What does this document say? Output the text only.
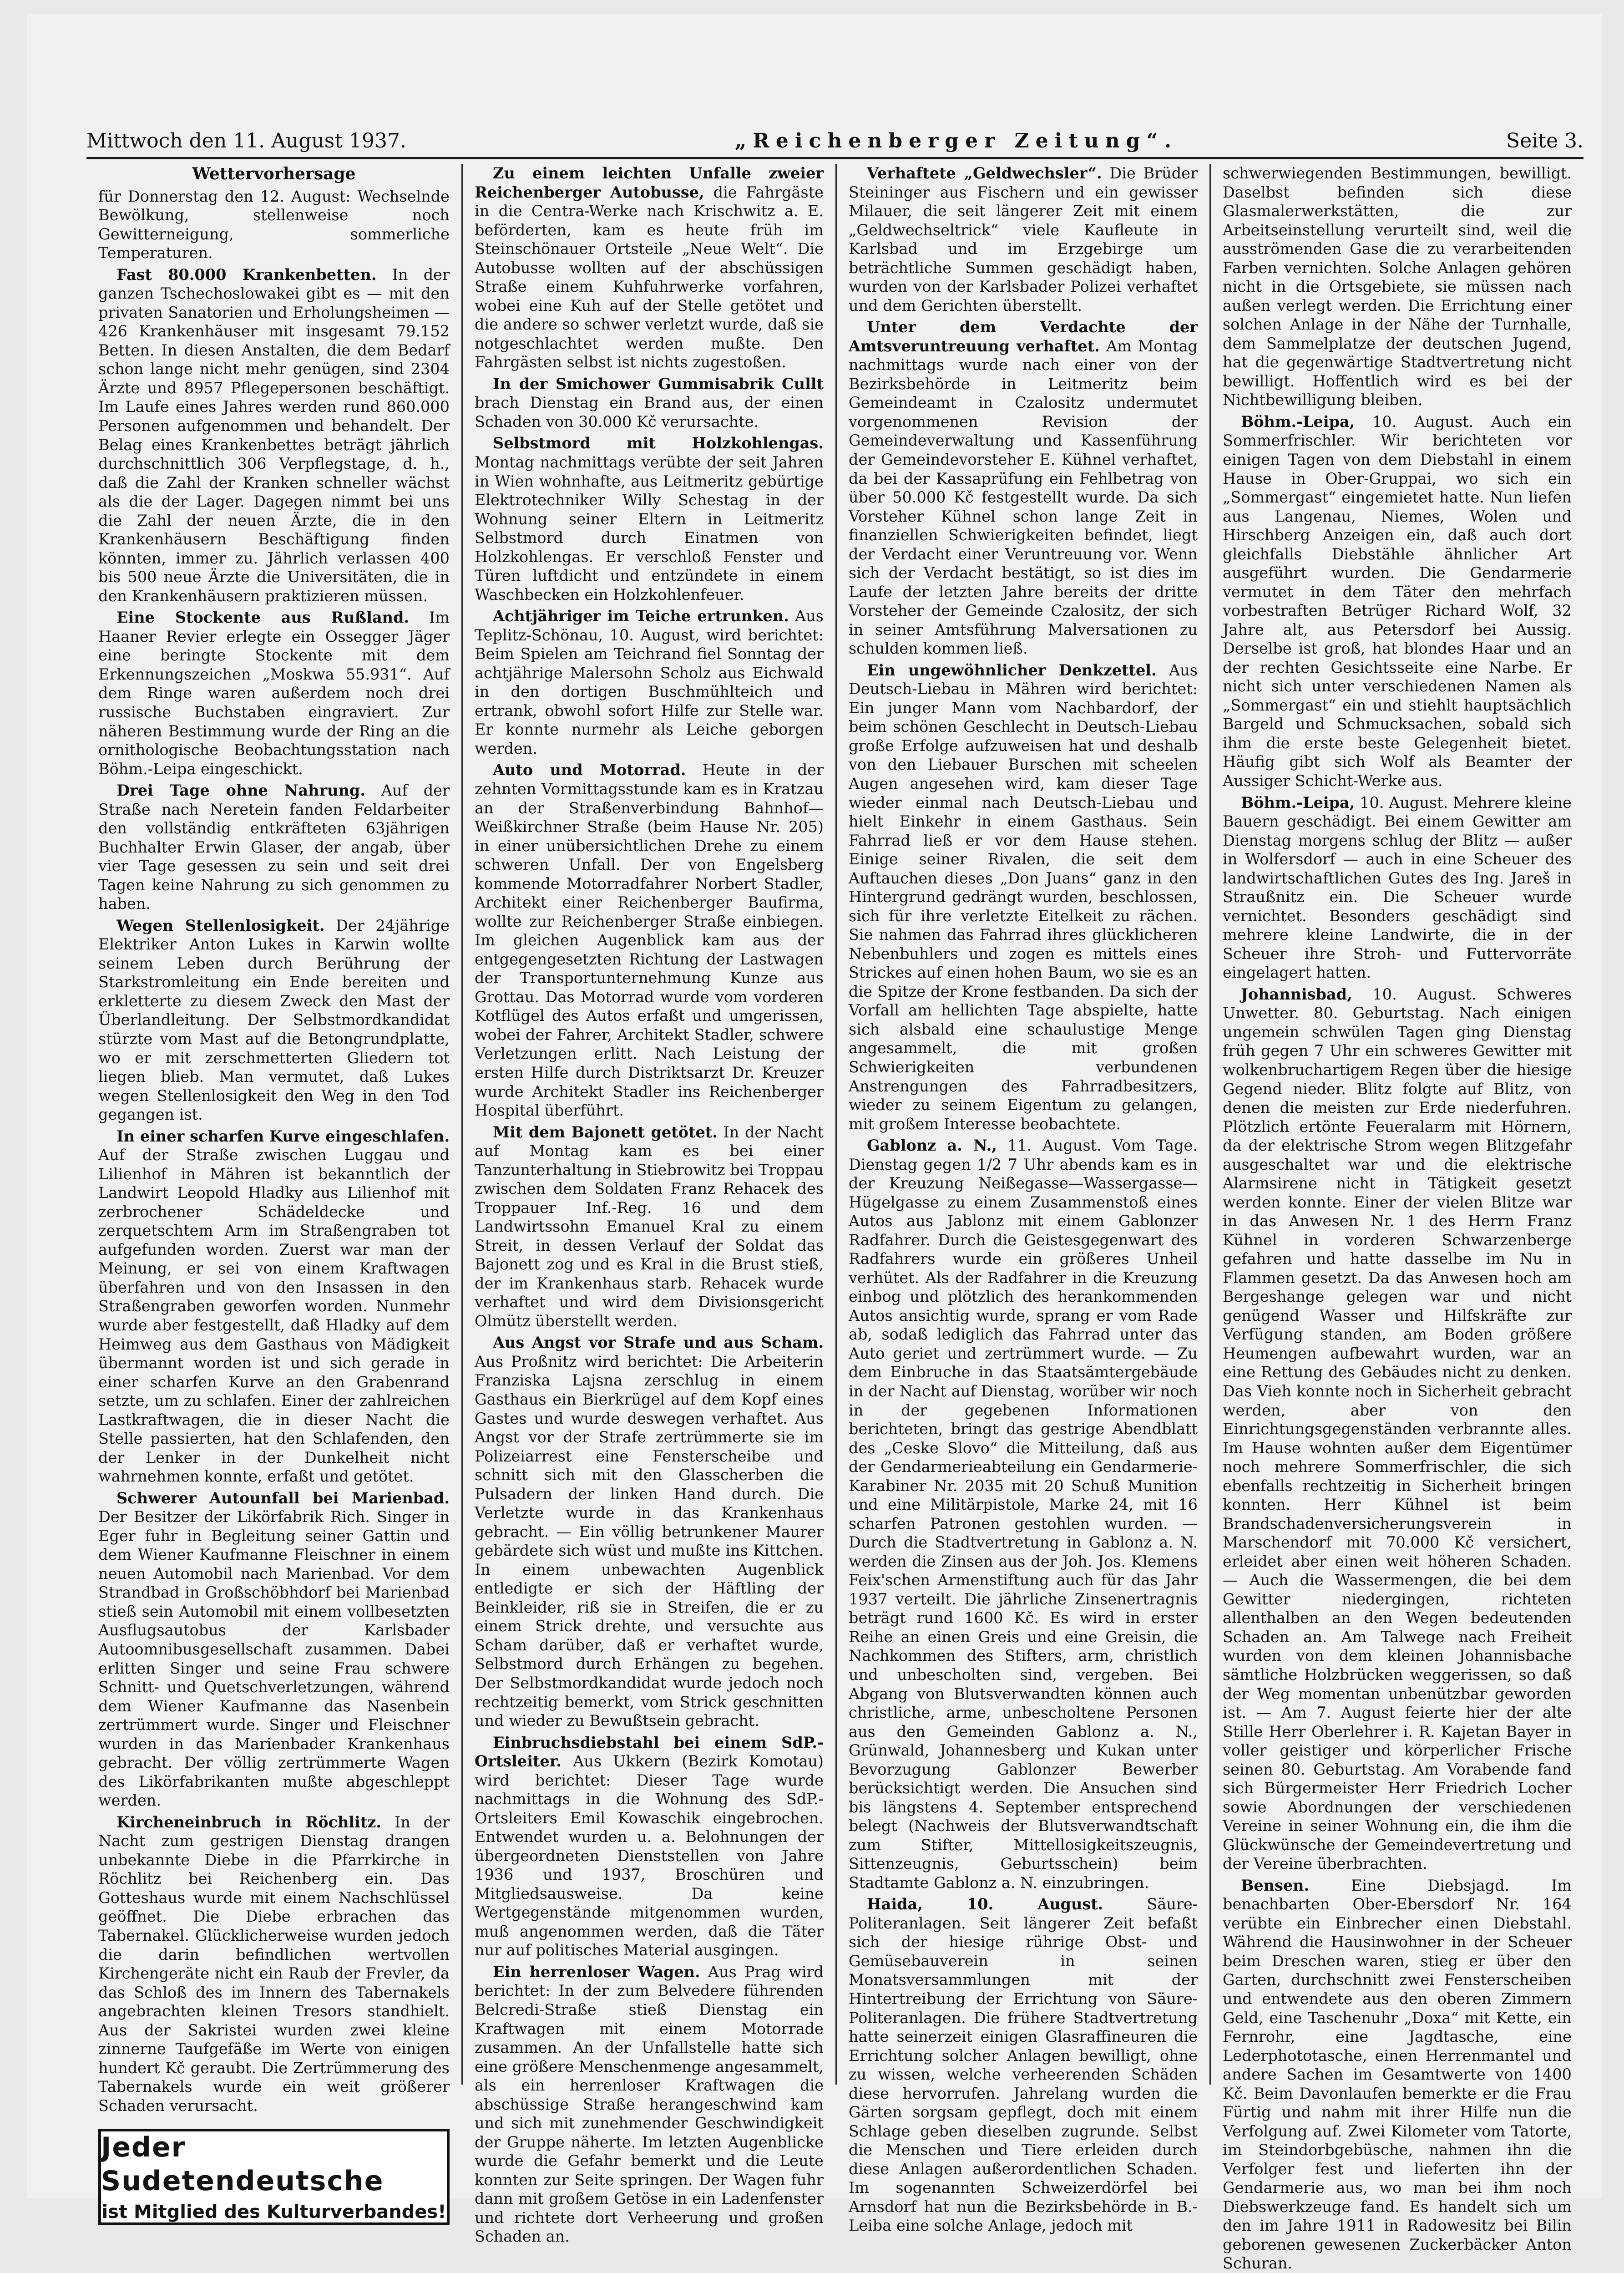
Mittwoch den 11. August 1937.	„Reichenberger Zeitung“.	Seite 3.

Wettervorhersage

für Donnerstag den 12. August: Wechselnde Bewölkung, stellenweise noch Gewitterneigung, sommerliche Temperaturen.

Fast 80.000 Krankenbetten. In der ganzen Tschechoslowakei gibt es — mit den privaten Sanatorien und Erholungsheimen — 426 Krankenhäuser mit insgesamt 79.152 Betten. In diesen Anstalten, die dem Bedarf schon lange nicht mehr genügen, sind 2304 Ärzte und 8957 Pflegepersonen beschäftigt. Im Laufe eines Jahres werden rund 860.000 Personen aufgenommen und behandelt. Der Belag eines Krankenbettes beträgt jährlich durchschnittlich 306 Verpflegstage, d. h., daß die Zahl der Kranken schneller wächst als die der Lager. Dagegen nimmt bei uns die Zahl der neuen Ärzte, die in den Krankenhäusern Beschäftigung finden könnten, immer zu. Jährlich verlassen 400 bis 500 neue Ärzte die Universitäten, die in den Krankenhäusern praktizieren müssen.

Eine Stockente aus Rußland. Im Haaner Revier erlegte ein Ossegger Jäger eine beringte Stockente mit dem Erkennungszeichen „Moskwa 55.931“. Auf dem Ringe waren außerdem noch drei russische Buchstaben eingraviert. Zur näheren Bestimmung wurde der Ring an die ornithologische Beobachtungsstation nach Böhm.-Leipa eingeschickt.

Drei Tage ohne Nahrung. Auf der Straße nach Neretein fanden Feldarbeiter den vollständig entkräfteten 63jährigen Buchhalter Erwin Glaser, der angab, über vier Tage gesessen zu sein und seit drei Tagen keine Nahrung zu sich genommen zu haben.

Wegen Stellenlosigkeit. Der 24jährige Elektriker Anton Lukes in Karwin wollte seinem Leben durch Berührung der Starkstromleitung ein Ende bereiten und erkletterte zu diesem Zweck den Mast der Überlandleitung. Der Selbstmordkandidat stürzte vom Mast auf die Betongrundplatte, wo er mit zerschmetterten Gliedern tot liegen blieb. Man vermutet, daß Lukes wegen Stellenlosigkeit den Weg in den Tod gegangen ist.

In einer scharfen Kurve eingeschlafen. Auf der Straße zwischen Luggau und Lilienhof in Mähren ist bekanntlich der Landwirt Leopold Hladky aus Lilienhof mit zerbrochener Schädeldecke und zerquetschtem Arm im Straßengraben tot aufgefunden worden. Zuerst war man der Meinung, er sei von einem Kraftwagen überfahren und von den Insassen in den Straßengraben geworfen worden. Nunmehr wurde aber festgestellt, daß Hladky auf dem Heimweg aus dem Gasthaus von Mädigkeit übermannt worden ist und sich gerade in einer scharfen Kurve an den Grabenrand setzte, um zu schlafen. Einer der zahlreichen Lastkraftwagen, die in dieser Nacht die Stelle passierten, hat den Schlafenden, den der Lenker in der Dunkelheit nicht wahrnehmen konnte, erfaßt und getötet.

Schwerer Autounfall bei Marienbad. Der Besitzer der Likörfabrik Rich. Singer in Eger fuhr in Begleitung seiner Gattin und dem Wiener Kaufmanne Fleischner in einem neuen Automobil nach Marienbad. Vor dem Strandbad in Großschöbhdorf bei Marienbad stieß sein Automobil mit einem vollbesetzten Ausflugsautobus der Karlsbader Autoomnibusgesellschaft zusammen. Dabei erlitten Singer und seine Frau schwere Schnitt- und Quetschverletzungen, während dem Wiener Kaufmanne das Nasenbein zertrümmert wurde. Singer und Fleischner wurden in das Marienbader Krankenhaus gebracht. Der völlig zertrümmerte Wagen des Likörfabrikanten mußte abgeschleppt werden.

Kircheneinbruch in Röchlitz. In der Nacht zum gestrigen Dienstag drangen unbekannte Diebe in die Pfarrkirche in Röchlitz bei Reichenberg ein. Das Gotteshaus wurde mit einem Nachschlüssel geöffnet. Die Diebe erbrachen das Tabernakel. Glücklicherweise wurden jedoch die darin befindlichen wertvollen Kirchengeräte nicht ein Raub der Frevler, da das Schloß des im Innern des Tabernakels angebrachten kleinen Tresors standhielt. Aus der Sakristei wurden zwei kleine zinnerne Taufgefäße im Werte von einigen hundert Kč geraubt. Die Zertrümmerung des Tabernakels wurde ein weit größerer Schaden verursacht.

Jeder Sudetendeutsche
ist Mitglied des Kulturverbandes!

Zu einem leichten Unfalle zweier Reichenberger Autobusse, die Fahrgäste in die Centra-Werke nach Krischwitz a. E. beförderten, kam es heute früh im Steinschönauer Ortsteile „Neue Welt“. Die Autobusse wollten auf der abschüssigen Straße einem Kuhfuhrwerke vorfahren, wobei eine Kuh auf der Stelle getötet und die andere so schwer verletzt wurde, daß sie notgeschlachtet werden mußte. Den Fahrgästen selbst ist nichts zugestoßen.

In der Smichower Gummisabrik Cullt brach Dienstag ein Brand aus, der einen Schaden von 30.000 Kč verursachte.

Selbstmord mit Holzkohlengas. Montag nachmittags verübte der seit Jahren in Wien wohnhafte, aus Leitmeritz gebürtige Elektrotechniker Willy Schestag in der Wohnung seiner Eltern in Leitmeritz Selbstmord durch Einatmen von Holzkohlengas. Er verschloß Fenster und Türen luftdicht und entzündete in einem Waschbecken ein Holzkohlenfeuer.

Achtjähriger im Teiche ertrunken. Aus Teplitz-Schönau, 10. August, wird berichtet: Beim Spielen am Teichrand fiel Sonntag der achtjährige Malersohn Scholz aus Eichwald in den dortigen Buschmühlteich und ertrank, obwohl sofort Hilfe zur Stelle war. Er konnte nurmehr als Leiche geborgen werden.

Auto und Motorrad. Heute in der zehnten Vormittagsstunde kam es in Kratzau an der Straßenverbindung Bahnhof—Weißkirchner Straße (beim Hause Nr. 205) in einer unübersichtlichen Drehe zu einem schweren Unfall. Der von Engelsberg kommende Motorradfahrer Norbert Stadler, Architekt einer Reichenberger Baufirma, wollte zur Reichenberger Straße einbiegen. Im gleichen Augenblick kam aus der entgegengesetzten Richtung der Lastwagen der Transportunternehmung Kunze aus Grottau. Das Motorrad wurde vom vorderen Kotflügel des Autos erfaßt und umgerissen, wobei der Fahrer, Architekt Stadler, schwere Verletzungen erlitt. Nach Leistung der ersten Hilfe durch Distriktsarzt Dr. Kreuzer wurde Architekt Stadler ins Reichenberger Hospital überführt.

Mit dem Bajonett getötet. In der Nacht auf Montag kam es bei einer Tanzunterhaltung in Stiebrowitz bei Troppau zwischen dem Soldaten Franz Rehacek des Troppauer Inf.-Reg. 16 und dem Landwirtssohn Emanuel Kral zu einem Streit, in dessen Verlauf der Soldat das Bajonett zog und es Kral in die Brust stieß, der im Krankenhaus starb. Rehacek wurde verhaftet und wird dem Divisionsgericht Olmütz überstellt werden.

Aus Angst vor Strafe und aus Scham. Aus Proßnitz wird berichtet: Die Arbeiterin Franziska Lajsna zerschlug in einem Gasthaus ein Bierkrügel auf dem Kopf eines Gastes und wurde deswegen verhaftet. Aus Angst vor der Strafe zertrümmerte sie im Polizeiarrest eine Fensterscheibe und schnitt sich mit den Glasscherben die Pulsadern der linken Hand durch. Die Verletzte wurde in das Krankenhaus gebracht. — Ein völlig betrunkener Maurer gebärdete sich wüst und mußte ins Kittchen. In einem unbewachten Augenblick entledigte er sich der Häftling der Beinkleider, riß sie in Streifen, die er zu einem Strick drehte, und versuchte aus Scham darüber, daß er verhaftet wurde, Selbstmord durch Erhängen zu begehen. Der Selbstmordkandidat wurde jedoch noch rechtzeitig bemerkt, vom Strick geschnitten und wieder zu Bewußtsein gebracht.

Einbruchsdiebstahl bei einem SdP.-Ortsleiter. Aus Ukkern (Bezirk Komotau) wird berichtet: Dieser Tage wurde nachmittags in die Wohnung des SdP.-Ortsleiters Emil Kowaschik eingebrochen. Entwendet wurden u. a. Belohnungen der übergeordneten Dienststellen von Jahre 1936 und 1937, Broschüren und Mitgliedsausweise. Da keine Wertgegenstände mitgenommen wurden, muß angenommen werden, daß die Täter nur auf politisches Material ausgingen.

Ein herrenloser Wagen. Aus Prag wird berichtet: In der zum Belvedere führenden Belcredi-Straße stieß Dienstag ein Kraftwagen mit einem Motorrade zusammen. An der Unfallstelle hatte sich eine größere Menschenmenge angesammelt, als ein herrenloser Kraftwagen die abschüssige Straße herangeschwind kam und sich mit zunehmender Geschwindigkeit der Gruppe näherte. Im letzten Augenblicke wurde die Gefahr bemerkt und die Leute konnten zur Seite springen. Der Wagen fuhr dann mit großem Getöse in ein Ladenfenster und richtete dort Verheerung und großen Schaden an.

Verhaftete „Geldwechsler“. Die Brüder Steininger aus Fischern und ein gewisser Milauer, die seit längerer Zeit mit einem „Geldwechseltrick“ viele Kaufleute in Karlsbad und im Erzgebirge um beträchtliche Summen geschädigt haben, wurden von der Karlsbader Polizei verhaftet und dem Gerichten überstellt.

Unter dem Verdachte der Amtsveruntreuung verhaftet. Am Montag nachmittags wurde nach einer von der Bezirksbehörde in Leitmeritz beim Gemeindeamt in Czalositz undermutet vorgenommenen Revision der Gemeindeverwaltung und Kassenführung der Gemeindevorsteher E. Kühnel verhaftet, da bei der Kassaprüfung ein Fehlbetrag von über 50.000 Kč festgestellt wurde. Da sich Vorsteher Kühnel schon lange Zeit in finanziellen Schwierigkeiten befindet, liegt der Verdacht einer Veruntreuung vor. Wenn sich der Verdacht bestätigt, so ist dies im Laufe der letzten Jahre bereits der dritte Vorsteher der Gemeinde Czalositz, der sich in seiner Amtsführung Malversationen zu schulden kommen ließ.

Ein ungewöhnlicher Denkzettel. Aus Deutsch-Liebau in Mähren wird berichtet: Ein junger Mann vom Nachbardorf, der beim schönen Geschlecht in Deutsch-Liebau große Erfolge aufzuweisen hat und deshalb von den Liebauer Burschen mit scheelen Augen angesehen wird, kam dieser Tage wieder einmal nach Deutsch-Liebau und hielt Einkehr in einem Gasthaus. Sein Fahrrad ließ er vor dem Hause stehen. Einige seiner Rivalen, die seit dem Auftauchen dieses „Don Juans“ ganz in den Hintergrund gedrängt wurden, beschlossen, sich für ihre verletzte Eitelkeit zu rächen. Sie nahmen das Fahrrad ihres glücklicheren Nebenbuhlers und zogen es mittels eines Strickes auf einen hohen Baum, wo sie es an die Spitze der Krone festbanden. Da sich der Vorfall am hellichten Tage abspielte, hatte sich alsbald eine schaulustige Menge angesammelt, die mit großen Schwierigkeiten verbundenen Anstrengungen des Fahrradbesitzers, wieder zu seinem Eigentum zu gelangen, mit großem Interesse beobachtete.

Gablonz a. N., 11. August. Vom Tage. Dienstag gegen 1/2 7 Uhr abends kam es in der Kreuzung Neißegasse—Wassergasse—Hügelgasse zu einem Zusammenstoß eines Autos aus Jablonz mit einem Gablonzer Radfahrer. Durch die Geistesgegenwart des Radfahrers wurde ein größeres Unheil verhütet. Als der Radfahrer in die Kreuzung einbog und plötzlich des herankommenden Autos ansichtig wurde, sprang er vom Rade ab, sodaß lediglich das Fahrrad unter das Auto geriet und zertrümmert wurde. — Zu dem Einbruche in das Staatsämtergebäude in der Nacht auf Dienstag, worüber wir noch in der gegebenen Informationen berichteten, bringt das gestrige Abendblatt des „Ceske Slovo“ die Mitteilung, daß aus der Gendarmerieabteilung ein Gendarmerie-Karabiner Nr. 2035 mit 20 Schuß Munition und eine Militärpistole, Marke 24, mit 16 scharfen Patronen gestohlen wurden. — Durch die Stadtvertretung in Gablonz a. N. werden die Zinsen aus der Joh. Jos. Klemens Feix'schen Armenstiftung auch für das Jahr 1937 verteilt. Die jährliche Zinsenertragnis beträgt rund 1600 Kč. Es wird in erster Reihe an einen Greis und eine Greisin, die Nachkommen des Stifters, arm, christlich und unbescholten sind, vergeben. Bei Abgang von Blutsverwandten können auch christliche, arme, unbescholtene Personen aus den Gemeinden Gablonz a. N., Grünwald, Johannesberg und Kukan unter Bevorzugung Gablonzer Bewerber berücksichtigt werden. Die Ansuchen sind bis längstens 4. September entsprechend belegt (Nachweis der Blutsverwandtschaft zum Stifter, Mittellosigkeitszeugnis, Sittenzeugnis, Geburtsschein) beim Stadtamte Gablonz a. N. einzubringen.

Haida, 10. August.	Säure-Politeranlagen. Seit längerer Zeit befaßt sich der hiesige rührige Obst- und Gemüsebauverein in seinen Monatsversammlungen mit der Hintertreibung der Errichtung von Säure-Politeranlagen. Die frühere Stadtvertretung hatte seinerzeit einigen Glasraffineuren die Errichtung solcher Anlagen bewilligt, ohne zu wissen, welche verheerenden Schäden diese hervorrufen. Jahrelang wurden die Gärten sorgsam gepflegt, doch mit einem Schlage geben dieselben zugrunde. Selbst die Menschen und Tiere erleiden durch diese Anlagen außerordentlichen Schaden. Im sogenannten Schweizerdörfel bei Arnsdorf hat nun die Bezirksbehörde in B.-Leiba eine solche Anlage, jedoch mit

schwerwiegenden Bestimmungen, bewilligt. Daselbst befinden sich diese Glasmalerwerkstätten, die zur Arbeitseinstellung verurteilt sind, weil die ausströmenden Gase die zu verarbeitenden Farben vernichten. Solche Anlagen gehören nicht in die Ortsgebiete, sie müssen nach außen verlegt werden. Die Errichtung einer solchen Anlage in der Nähe der Turnhalle, dem Sammelplatze der deutschen Jugend, hat die gegenwärtige Stadtvertretung nicht bewilligt. Hoffentlich wird es bei der Nichtbewilligung bleiben.

Böhm.-Leipa, 10. August. Auch ein Sommerfrischler. Wir berichteten vor einigen Tagen von dem Diebstahl in einem Hause in Ober-Gruppai, wo sich ein „Sommergast“ eingemietet hatte. Nun liefen aus Langenau, Niemes, Wolen und Hirschberg Anzeigen ein, daß auch dort gleichfalls Diebstähle ähnlicher Art ausgeführt wurden. Die Gendarmerie vermutet in dem Täter den mehrfach vorbestraften Betrüger Richard Wolf, 32 Jahre alt, aus Petersdorf bei Aussig. Derselbe ist groß, hat blondes Haar und an der rechten Gesichtsseite eine Narbe. Er nicht sich unter verschiedenen Namen als „Sommergast“ ein und stiehlt hauptsächlich Bargeld und Schmucksachen, sobald sich ihm die erste beste Gelegenheit bietet. Häufig gibt sich Wolf als Beamter der Aussiger Schicht-Werke aus.

Böhm.-Leipa, 10. August. Mehrere kleine Bauern geschädigt. Bei einem Gewitter am Dienstag morgens schlug der Blitz — außer in Wolfersdorf — auch in eine Scheuer des landwirtschaftlichen Gutes des Ing. Jareš in Straußnitz ein. Die Scheuer wurde vernichtet. Besonders geschädigt sind mehrere kleine Landwirte, die in der Scheuer ihre Stroh- und Futtervorräte eingelagert hatten.

Johannisbad, 10. August. Schweres Unwetter. 80. Geburtstag. Nach einigen ungemein schwülen Tagen ging Dienstag früh gegen 7 Uhr ein schweres Gewitter mit wolkenbruchartigem Regen über die hiesige Gegend nieder. Blitz folgte auf Blitz, von denen die meisten zur Erde niederfuhren. Plötzlich ertönte Feueralarm mit Hörnern, da der elektrische Strom wegen Blitzgefahr ausgeschaltet war und die elektrische Alarmsirene nicht in Tätigkeit gesetzt werden konnte. Einer der vielen Blitze war in das Anwesen Nr. 1 des Herrn Franz Kühnel in vorderen Schwarzenberge gefahren und hatte dasselbe im Nu in Flammen gesetzt. Da das Anwesen hoch am Bergeshange gelegen war und nicht genügend Wasser und Hilfskräfte zur Verfügung standen, am Boden größere Heumengen aufbewahrt wurden, war an eine Rettung des Gebäudes nicht zu denken. Das Vieh konnte noch in Sicherheit gebracht werden, aber von den Einrichtungsgegenständen verbrannte alles. Im Hause wohnten außer dem Eigentümer noch mehrere Sommerfrischler, die sich ebenfalls rechtzeitig in Sicherheit bringen konnten. Herr Kühnel ist beim Brandschadenversicherungsverein in Marschendorf mit 70.000 Kč versichert, erleidet aber einen weit höheren Schaden. — Auch die Wassermengen, die bei dem Gewitter niedergingen, richteten allenthalben an den Wegen bedeutenden Schaden an. Am Talwege nach Freiheit wurden von dem kleinen Johannisbache sämtliche Holzbrücken weggerissen, so daß der Weg momentan unbenützbar geworden ist. — Am 7. August feierte hier der alte Stille Herr Oberlehrer i. R. Kajetan Bayer in voller geistiger und körperlicher Frische seinen 80. Geburtstag. Am Vorabende fand sich Bürgermeister Herr Friedrich Locher sowie Abordnungen der verschiedenen Vereine in seiner Wohnung ein, die ihm die Glückwünsche der Gemeindevertretung und der Vereine überbrachten.

Bensen.	Eine Diebsjagd. Im benachbarten Ober-Ebersdorf Nr. 164 verübte ein Einbrecher einen Diebstahl. Während die Hausinwohner in der Scheuer beim Dreschen waren, stieg er über den Garten, durchschnitt zwei Fensterscheiben und entwendete aus den oberen Zimmern Geld, eine Taschenuhr „Doxa“ mit Kette, ein Fernrohr, eine Jagdtasche, eine Lederphototasche, einen Herrenmantel und andere Sachen im Gesamtwerte von 1400 Kč. Beim Davonlaufen bemerkte er die Frau Fürtig und nahm mit ihrer Hilfe nun die Verfolgung auf. Zwei Kilometer vom Tatorte, im Steindorbgebüsche, nahmen ihn die Verfolger fest und lieferten ihn der Gendarmerie aus, wo man bei ihm noch Diebswerkzeuge fand. Es handelt sich um den im Jahre 1911 in Radowesitz bei Bilin geborenen gewesenen Zuckerbäcker Anton Schuran.
